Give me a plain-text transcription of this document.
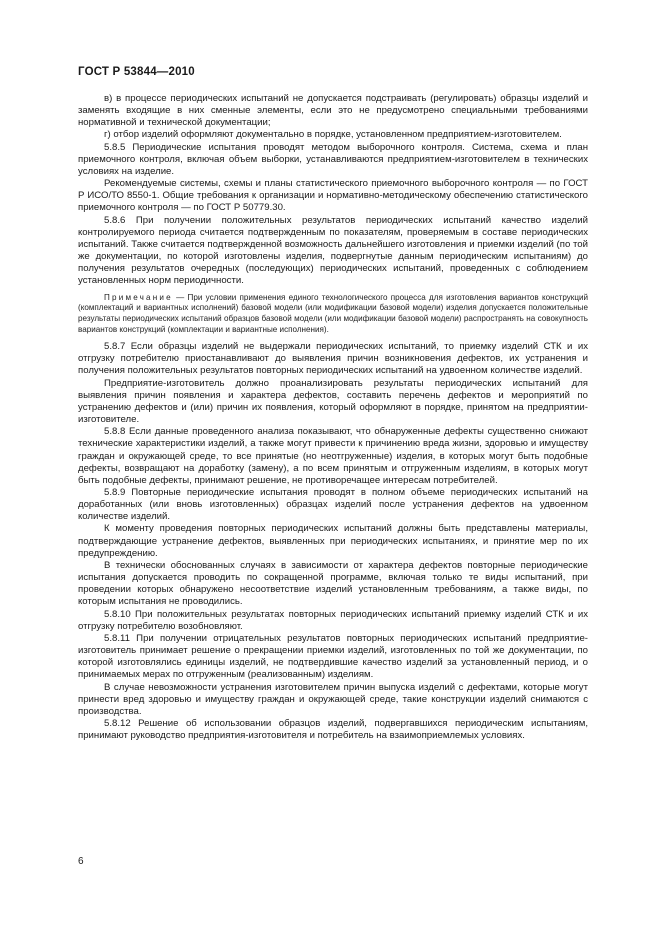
ГОСТ Р 53844—2010

в) в процессе периодических испытаний не допускается подстраивать (регулировать) образцы изделий и заменять входящие в них сменные элементы, если это не предусмотрено специальными требованиями нормативной и технической документации;

г) отбор изделий оформляют документально в порядке, установленном предприятием-изготовителем.

5.8.5 Периодические испытания проводят методом выборочного контроля. Система, схема и план приемочного контроля, включая объем выборки, устанавливаются предприятием-изготовителем в технических условиях на изделие.

Рекомендуемые системы, схемы и планы статистического приемочного выборочного контроля — по ГОСТ Р ИСО/ТО 8550-1. Общие требования к организации и нормативно-методическому обеспечению статистического приемочного контроля — по ГОСТ Р 50779.30.

5.8.6 При получении положительных результатов периодических испытаний качество изделий контролируемого периода считается подтвержденным по показателям, проверяемым в составе периодических испытаний. Также считается подтвержденной возможность дальнейшего изготовления и приемки изделий (по той же документации, по которой изготовлены изделия, подвергнутые данным периодическим испытаниям) до получения результатов очередных (последующих) периодических испытаний, проведенных с соблюдением установленных норм периодичности.

Примечание — При условии применения единого технологического процесса для изготовления вариантов конструкций (комплектаций и вариантных исполнений) базовой модели (или модификации базовой модели) изделия допускается положительные результаты периодических испытаний образцов базовой модели (или модификации базовой модели) распространять на совокупность вариантов конструкций (комплектации и вариантные исполнения).

5.8.7 Если образцы изделий не выдержали периодических испытаний, то приемку изделий СТК и их отгрузку потребителю приостанавливают до выявления причин возникновения дефектов, их устранения и получения положительных результатов повторных периодических испытаний на удвоенном количестве изделий.

Предприятие-изготовитель должно проанализировать результаты периодических испытаний для выявления причин появления и характера дефектов, составить перечень дефектов и мероприятий по устранению дефектов и (или) причин их появления, который оформляют в порядке, принятом на предприятии-изготовителе.

5.8.8 Если данные проведенного анализа показывают, что обнаруженные дефекты существенно снижают технические характеристики изделий, а также могут привести к причинению вреда жизни, здоровью и имуществу граждан и окружающей среде, то все принятые (но неотгруженные) изделия, в которых могут быть подобные дефекты, возвращают на доработку (замену), а по всем принятым и отгруженным изделиям, в которых могут быть подобные дефекты, принимают решение, не противоречащее интересам потребителей.

5.8.9 Повторные периодические испытания проводят в полном объеме периодических испытаний на доработанных (или вновь изготовленных) образцах изделий после устранения дефектов на удвоенном количестве изделий.

К моменту проведения повторных периодических испытаний должны быть представлены материалы, подтверждающие устранение дефектов, выявленных при периодических испытаниях, и принятие мер по их предупреждению.

В технически обоснованных случаях в зависимости от характера дефектов повторные периодические испытания допускается проводить по сокращенной программе, включая только те виды испытаний, при проведении которых обнаружено несоответствие изделий установленным требованиям, а также виды, по которым испытания не проводились.

5.8.10 При положительных результатах повторных периодических испытаний приемку изделий СТК и их отгрузку потребителю возобновляют.

5.8.11 При получении отрицательных результатов повторных периодических испытаний предприятие-изготовитель принимает решение о прекращении приемки изделий, изготовленных по той же документации, по которой изготовлялись единицы изделий, не подтвердившие качество изделий за установленный период, и о принимаемых мерах по отгруженным (реализованным) изделиям.

В случае невозможности устранения изготовителем причин выпуска изделий с дефектами, которые могут принести вред здоровью и имуществу граждан и окружающей среде, такие конструкции изделий снимаются с производства.

5.8.12 Решение об использовании образцов изделий, подвергавшихся периодическим испытаниям, принимают руководство предприятия-изготовителя и потребитель на взаимоприемлемых условиях.

6
